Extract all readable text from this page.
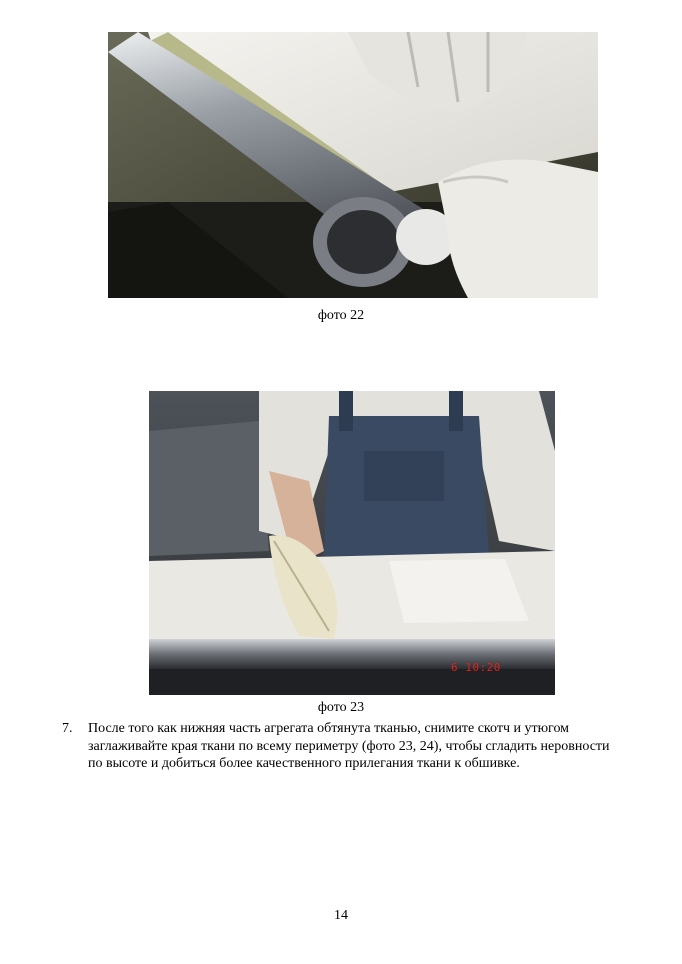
фото 22
6 10:20
фото 23
7. После того как нижняя часть агрегата обтянута тканью, снимите скотч и утюгом заглаживайте края ткани по всему периметру (фото 23, 24), чтобы сгладить неровности по высоте и добиться более качественного прилегания ткани к обшивке.
14
